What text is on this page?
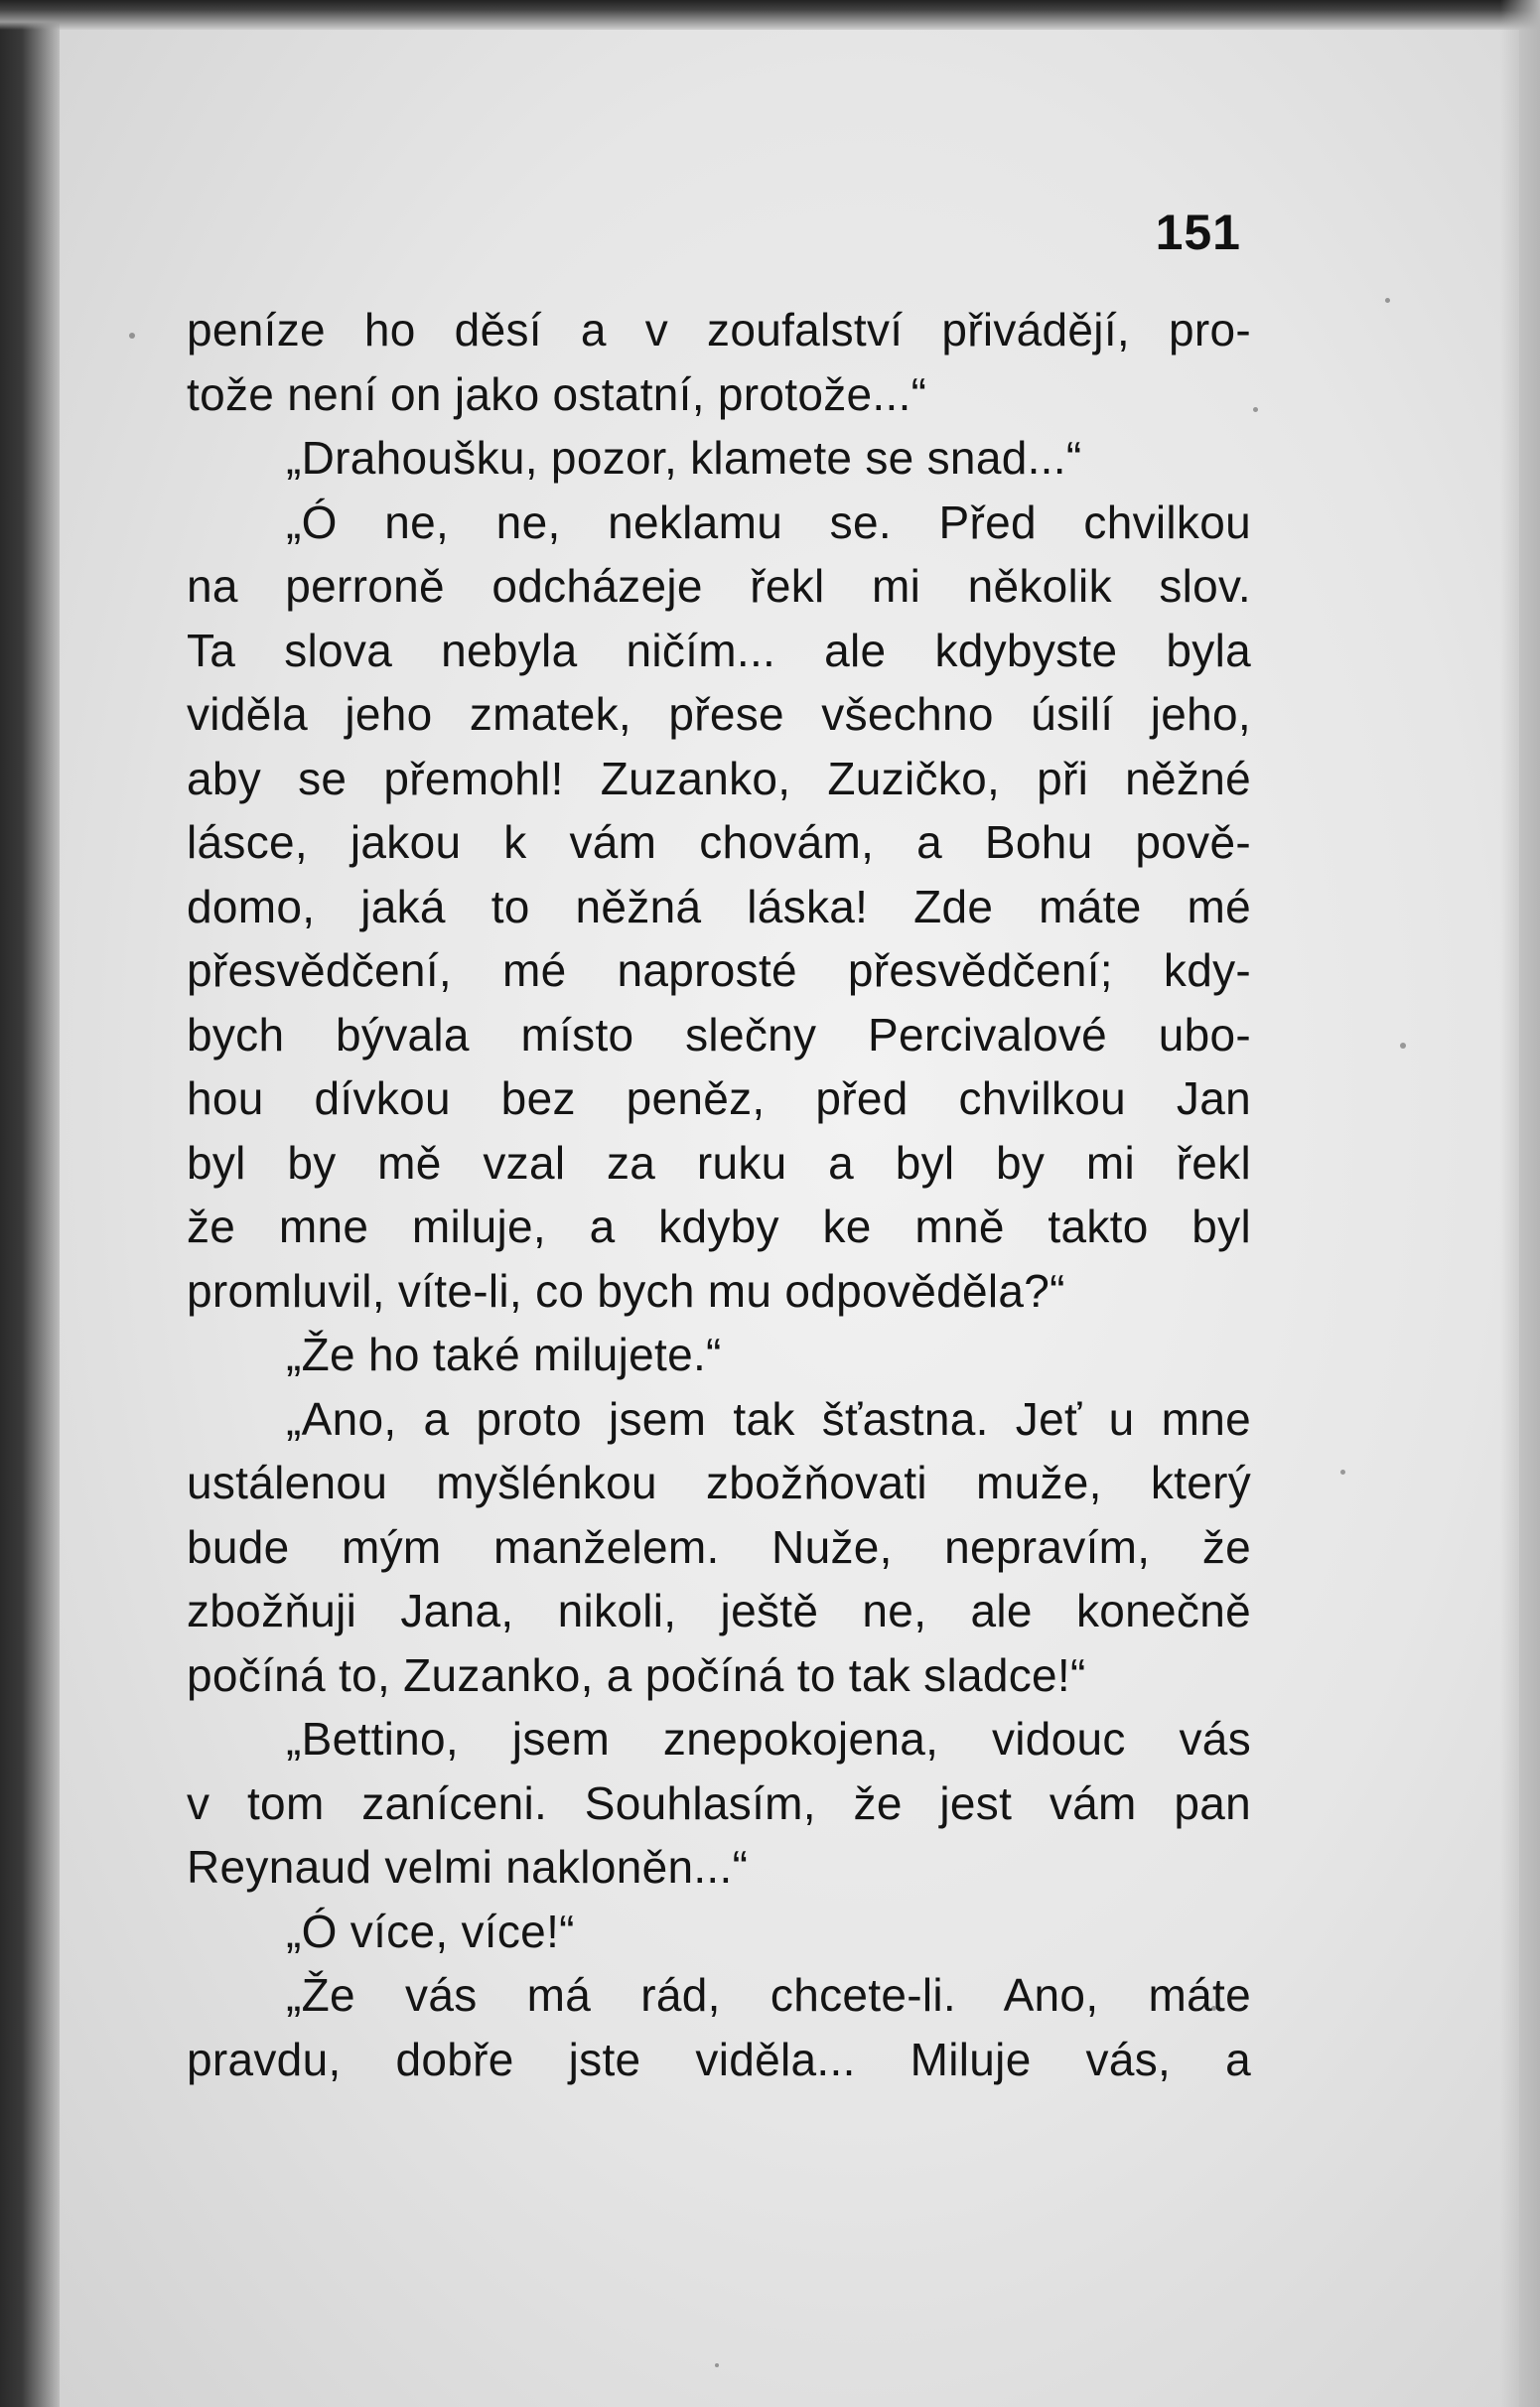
151
peníze ho děsí a v zoufalství přivádějí, pro-
tože není on jako ostatní, protože...“
„Drahoušku, pozor, klamete se snad...“
„Ó ne, ne, neklamu se. Před chvilkou
na perroně odcházeje řekl mi několik slov.
Ta slova nebyla ničím... ale kdybyste byla
viděla jeho zmatek, přese všechno úsilí jeho,
aby se přemohl! Zuzanko, Zuzičko, při něžné
lásce, jakou k vám chovám, a Bohu pově-
domo, jaká to něžná láska! Zde máte mé
přesvědčení, mé naprosté přesvědčení; kdy-
bych bývala místo slečny Percivalové ubo-
hou dívkou bez peněz, před chvilkou Jan
byl by mě vzal za ruku a byl by mi řekl
že mne miluje, a kdyby ke mně takto byl
promluvil, víte-li, co bych mu odpověděla?“
„Že ho také milujete.“
„Ano, a proto jsem tak šťastna. Jeť u mne
ustálenou myšlénkou zbožňovati muže, který
bude mým manželem. Nuže, nepravím, že
zbožňuji Jana, nikoli, ještě ne, ale konečně
počíná to, Zuzanko, a počíná to tak sladce!“
„Bettino, jsem znepokojena, vidouc vás
v tom zaníceni. Souhlasím, že jest vám pan
Reynaud velmi nakloněn...“
„Ó více, více!“
„Že vás má rád, chcete-li. Ano, máte
pravdu, dobře jste viděla... Miluje vás, a
